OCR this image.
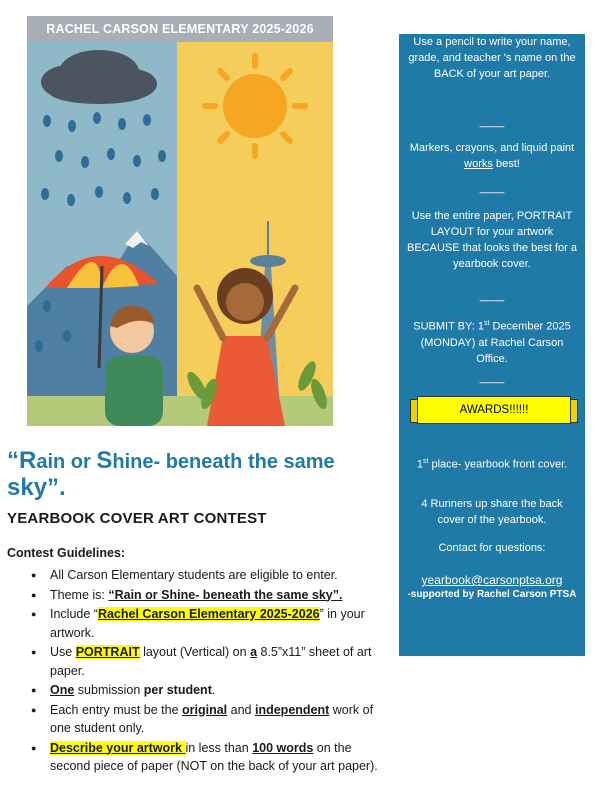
RACHEL CARSON ELEMENTARY 2025-2026
“Rain or Shine- beneath the same
sky”.
YEARBOOK COVER ART CONTEST
Contest Guidelines:
● All Carson Elementary students are eligible to enter.
● Theme is: “Rain or Shine- beneath the same sky”.
● Include “Rachel Carson Elementary 2025-2026” in your artwork.
● Use PORTRAIT layout (Vertical) on a 8.5”x11” sheet of art paper.
● One submission per student.
● Each entry must be the original and independent work of one student only.
● Describe your artwork in less than 100 words on the second piece of paper (NOT on the back of your art paper).
Use a pencil to write your name, grade, and teacher 's name on the BACK of your art paper.
____
Markers, crayons, and liquid paint works best!
____
Use the entire paper, PORTRAIT LAYOUT for your artwork BECAUSE that looks the best for a yearbook cover.
____
SUBMIT BY: 1st December 2025 (MONDAY) at Rachel Carson Office.
____
AWARDS!!!!!!
1st place- yearbook front cover.
4 Runners up share the back cover of the yearbook.
Contact for questions:
yearbook@carsonptsa.org
-supported by Rachel Carson PTSA
